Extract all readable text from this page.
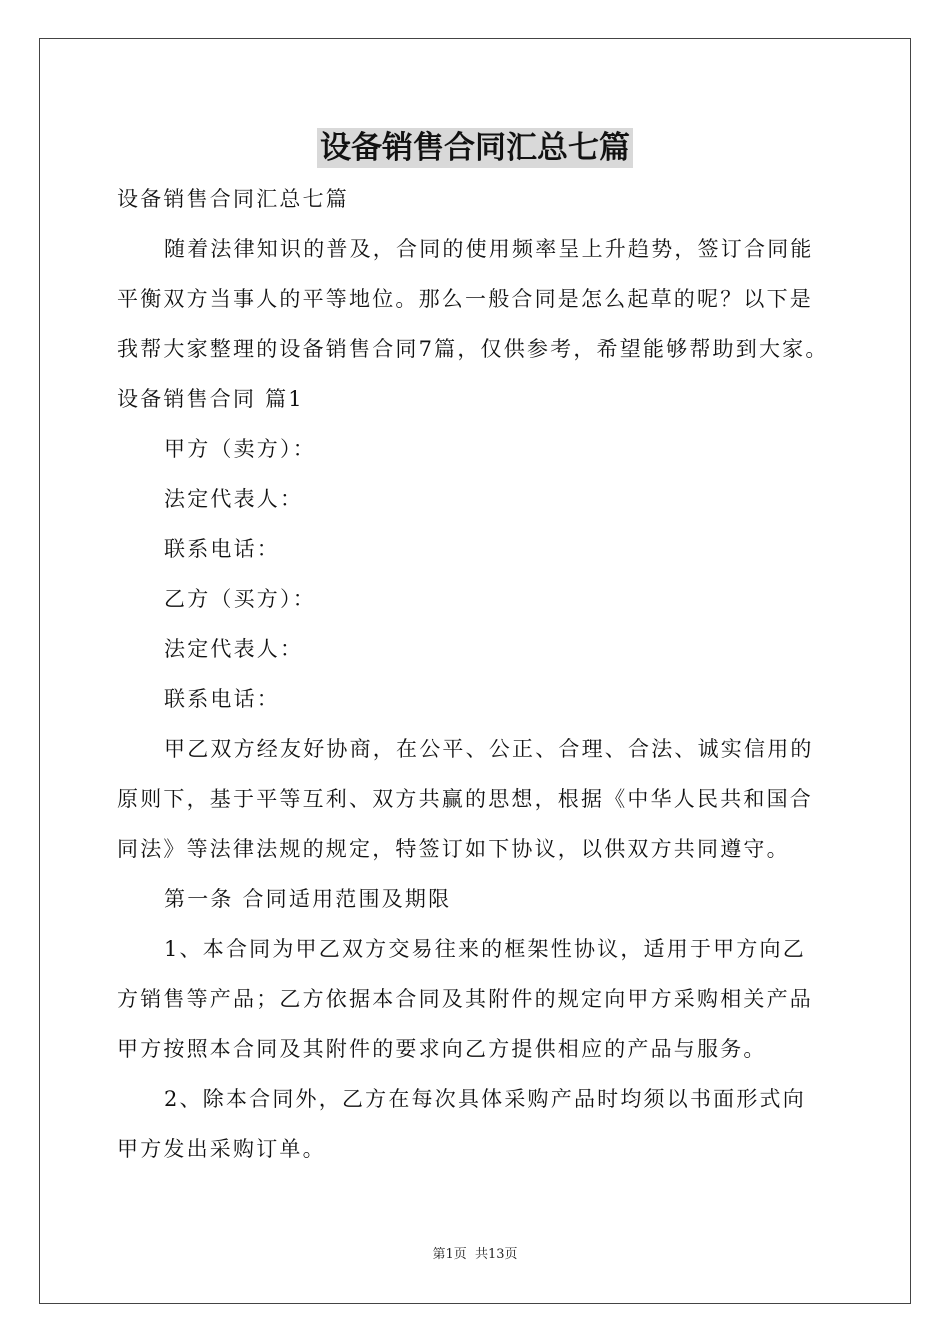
设备销售合同汇总七篇
设备销售合同汇总七篇
随着法律知识的普及，合同的使用频率呈上升趋势，签订合同能
平衡双方当事人的平等地位。那么一般合同是怎么起草的呢？以下是
我帮大家整理的设备销售合同7篇，仅供参考，希望能够帮助到大家。
设备销售合同 篇1
甲方（卖方）：
法定代表人：
联系电话：
乙方（买方）：
法定代表人：
联系电话：
甲乙双方经友好协商，在公平、公正、合理、合法、诚实信用的
原则下，基于平等互利、双方共赢的思想，根据《中华人民共和国合
同法》等法律法规的规定，特签订如下协议，以供双方共同遵守。
第一条 合同适用范围及期限
1、本合同为甲乙双方交易往来的框架性协议，适用于甲方向乙
方销售等产品；乙方依据本合同及其附件的规定向甲方采购相关产品
甲方按照本合同及其附件的要求向乙方提供相应的产品与服务。
2、除本合同外，乙方在每次具体采购产品时均须以书面形式向
甲方发出采购订单。
第1页 共13页
